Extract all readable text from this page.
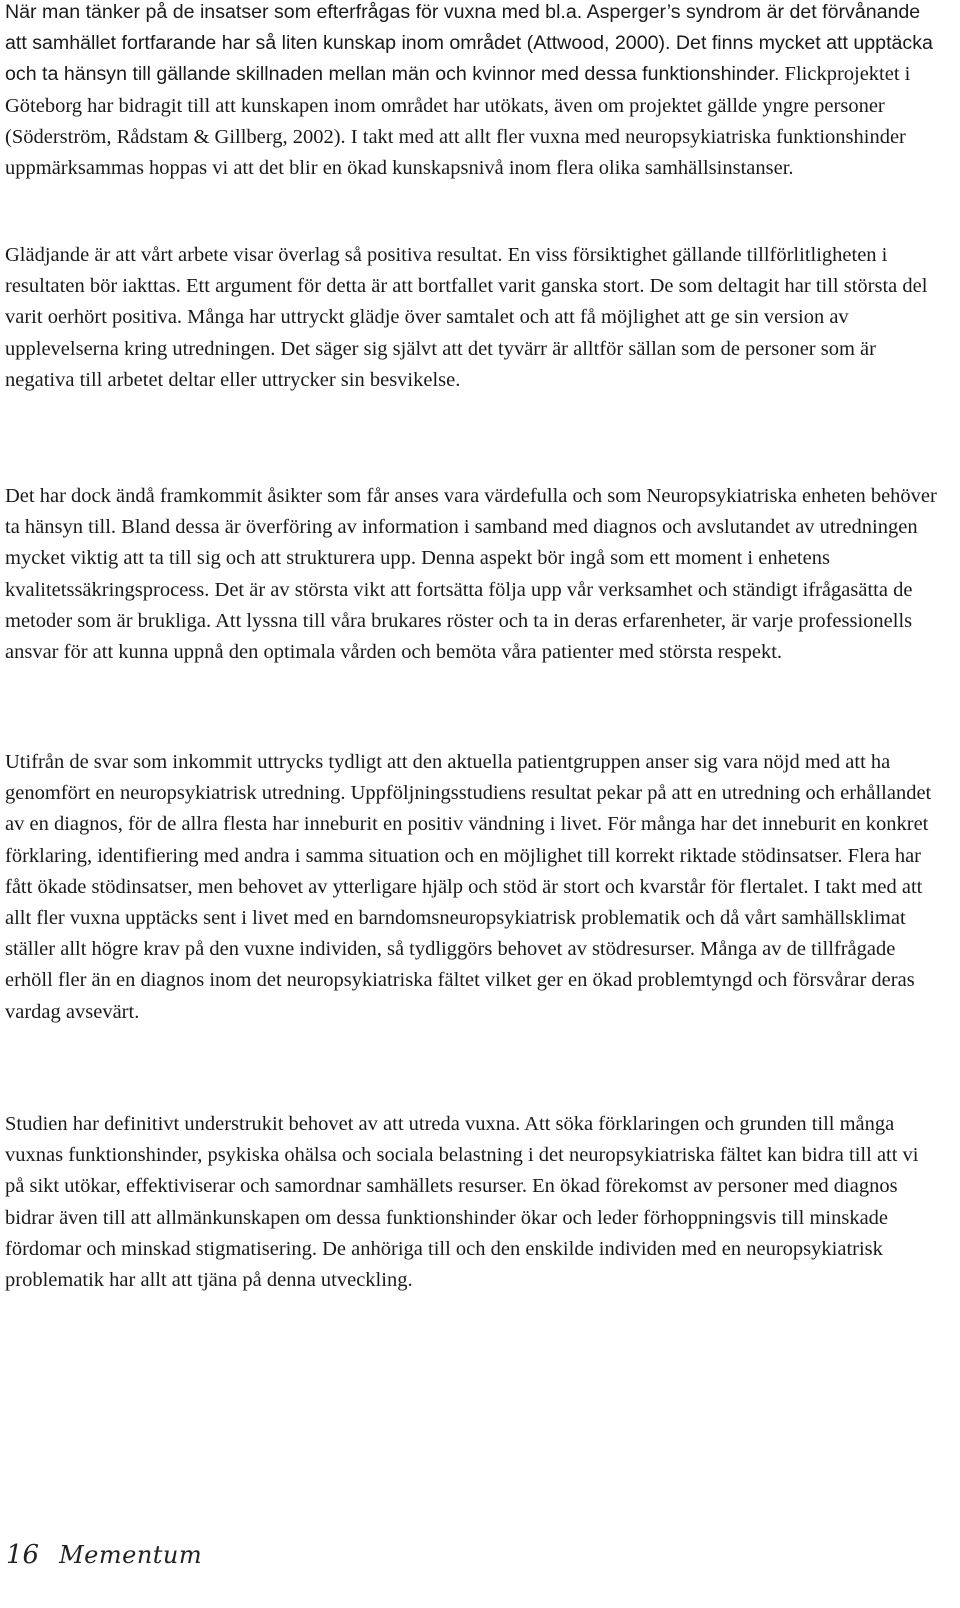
När man tänker på de insatser som efterfrågas för vuxna med bl.a. Asperger’s syndrom är det förvånande att samhället fortfarande har så liten kunskap inom området (Attwood, 2000). Det finns mycket att upptäcka och ta hänsyn till gällande skillnaden mellan män och kvinnor med dessa funktionshinder. Flickprojektet i Göteborg har bidragit till att kunskapen inom området har utökats, även om projektet gällde yngre personer (Söderström, Rådstam & Gillberg, 2002). I takt med att allt fler vuxna med neuropsykiatriska funktionshinder uppmärksammas hoppas vi att det blir en ökad kunskapsnivå inom flera olika samhällsinstanser.

Glädjande är att vårt arbete visar överlag så positiva resultat. En viss försiktighet gällande tillförlitligheten i resultaten bör iakttas. Ett argument för detta är att bortfallet varit ganska stort. De som deltagit har till största del varit oerhört positiva. Många har uttryckt glädje över samtalet och att få möjlighet att ge sin version av upplevelserna kring utredningen. Det säger sig självt att det tyvärr är alltför sällan som de personer som är negativa till arbetet deltar eller uttrycker sin besvikelse.

Det har dock ändå framkommit åsikter som får anses vara värdefulla och som Neuropsykiatriska enheten behöver ta hänsyn till. Bland dessa är överföring av information i samband med diagnos och avslutandet av utredningen mycket viktig att ta till sig och att strukturera upp. Denna aspekt bör ingå som ett moment i enhetens kvalitetssäkringsprocess. Det är av största vikt att fortsätta följa upp vår verksamhet och ständigt ifrågasätta de metoder som är brukliga. Att lyssna till våra brukares röster och ta in deras erfarenheter, är varje professionells ansvar för att kunna uppnå den optimala vården och bemöta våra patienter med största respekt.

Utifrån de svar som inkommit uttrycks tydligt att den aktuella patientgruppen anser sig vara nöjd med att ha genomfört en neuropsykiatrisk utredning. Uppföljningsstudiens resultat pekar på att en utredning och erhållandet av en diagnos, för de allra flesta har inneburit en positiv vändning i livet. För många har det inneburit en konkret förklaring, identifiering med andra i samma situation och en möjlighet till korrekt riktade stödinsatser. Flera har fått ökade stödinsatser, men behovet av ytterligare hjälp och stöd är stort och kvarstår för flertalet. I takt med att allt fler vuxna upptäcks sent i livet med en barndomsneuropsykiatrisk problematik och då vårt samhällsklimat ställer allt högre krav på den vuxne individen, så tydliggörs behovet av stödresurser. Många av de tillfrågade erhöll fler än en diagnos inom det neuropsykiatriska fältet vilket ger en ökad problemtyngd och försvårar deras vardag avsevärt.

Studien har definitivt understrukit behovet av att utreda vuxna. Att söka förklaringen och grunden till många vuxnas funktionshinder, psykiska ohälsa och sociala belastning i det neuropsykiatriska fältet kan bidra till att vi på sikt utökar, effektiviserar och samordnar samhällets resurser. En ökad förekomst av personer med diagnos bidrar även till att allmänkunskapen om dessa funktionshinder ökar och leder förhoppningsvis till minskade fördomar och minskad stigmatisering. De anhöriga till och den enskilde individen med en neuropsykiatrisk problematik har allt att tjäna på denna utveckling.

16 Mementum
